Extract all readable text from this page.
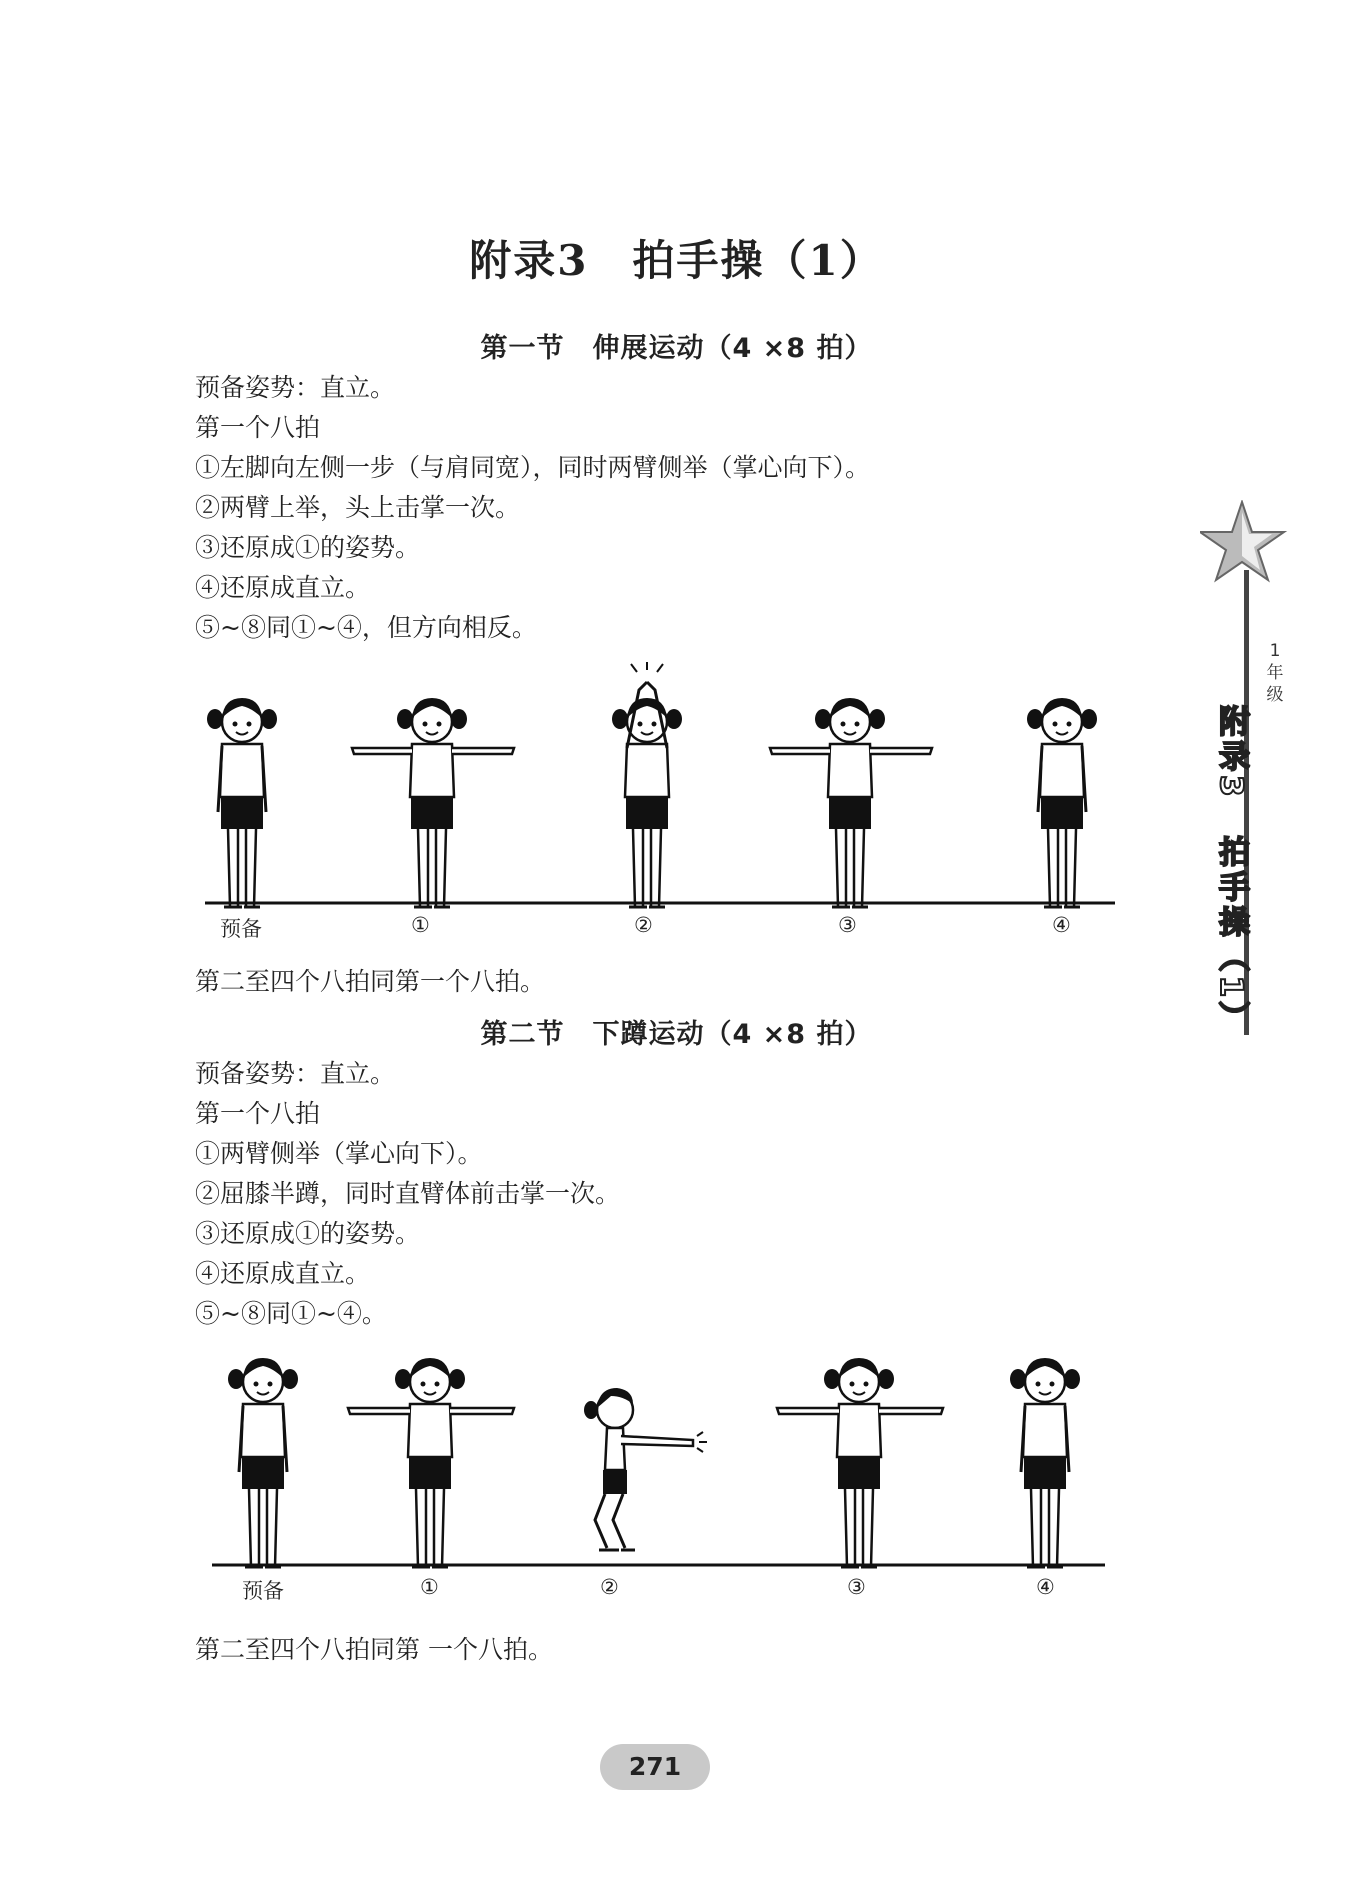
附录3　拍手操（1）
第一节　伸展运动（4 ×8 拍）
预备姿势：直立。
第一个八拍
①左脚向左侧一步（与肩同宽），同时两臂侧举（掌心向下）。
②两臂上举，头上击掌一次。
③还原成①的姿势。
④还原成直立。
⑤~⑧同①~④，但方向相反。
预备	①	②	③	④
第二至四个八拍同第一个八拍。
第二节　下蹲运动（4 ×8 拍）
预备姿势：直立。
第一个八拍
①两臂侧举（掌心向下）。
②屈膝半蹲，同时直臂体前击掌一次。
③还原成①的姿势。
④还原成直立。
⑤~⑧同①~④。
预备	①	②	③	④
第二至四个八拍同第 一个八拍。
1
年
级
附录3　拍手操（1）
271
